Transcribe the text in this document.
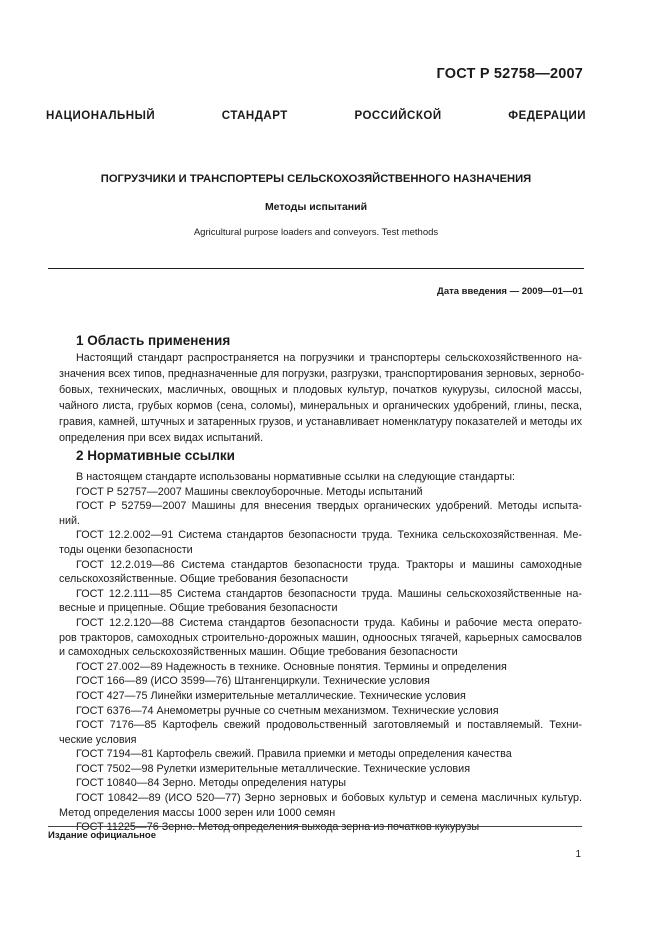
ГОСТ Р 52758—2007
НАЦИОНАЛЬНЫЙ СТАНДАРТ РОССИЙСКОЙ ФЕДЕРАЦИИ
ПОГРУЗЧИКИ И ТРАНСПОРТЕРЫ СЕЛЬСКОХОЗЯЙСТВЕННОГО НАЗНАЧЕНИЯ
Методы испытаний
Agricultural purpose loaders and conveyors. Test methods
Дата введения — 2009—01—01
1 Область применения
Настоящий стандарт распространяется на погрузчики и транспортеры сельскохозяйственного на-
значения всех типов, предназначенные для погрузки, разгрузки, транспортирования зерновых, зернобо-
бовых, технических, масличных, овощных и плодовых культур, початков кукурузы, силосной массы,
чайного листа, грубых кормов (сена, соломы), минеральных и органических удобрений, глины, песка,
гравия, камней, штучных и затаренных грузов, и устанавливает номенклатуру показателей и методы их
определения при всех видах испытаний.
2 Нормативные ссылки
В настоящем стандарте использованы нормативные ссылки на следующие стандарты:
ГОСТ Р 52757—2007 Машины свеклоуборочные. Методы испытаний
ГОСТ Р 52759—2007 Машины для внесения твердых органических удобрений. Методы испыта-
ний.
ГОСТ 12.2.002—91 Система стандартов безопасности труда. Техника сельскохозяйственная. Ме-
тоды оценки безопасности
ГОСТ 12.2.019—86 Система стандартов безопасности труда. Тракторы и машины самоходные
сельскохозяйственные. Общие требования безопасности
ГОСТ 12.2.111—85 Система стандартов безопасности труда. Машины сельскохозяйственные на-
весные и прицепные. Общие требования безопасности
ГОСТ 12.2.120—88 Система стандартов безопасности труда. Кабины и рабочие места операто-
ров тракторов, самоходных строительно-дорожных машин, одноосных тягачей, карьерных самосвалов
и самоходных сельскохозяйственных машин. Общие требования безопасности
ГОСТ 27.002—89 Надежность в технике. Основные понятия. Термины и определения
ГОСТ 166—89 (ИСО 3599—76) Штангенциркули. Технические условия
ГОСТ 427—75 Линейки измерительные металлические. Технические условия
ГОСТ 6376—74 Анемометры ручные со счетным механизмом. Технические условия
ГОСТ 7176—85 Картофель свежий продовольственный заготовляемый и поставляемый. Техни-
ческие условия
ГОСТ 7194—81 Картофель свежий. Правила приемки и методы определения качества
ГОСТ 7502—98 Рулетки измерительные металлические. Технические условия
ГОСТ 10840—84 Зерно. Методы определения натуры
ГОСТ 10842—89 (ИСО 520—77) Зерно зерновых и бобовых культур и семена масличных культур.
Метод определения массы 1000 зерен или 1000 семян
ГОСТ 11225—76 Зерно. Метод определения выхода зерна из початков кукурузы
Издание официальное
1
